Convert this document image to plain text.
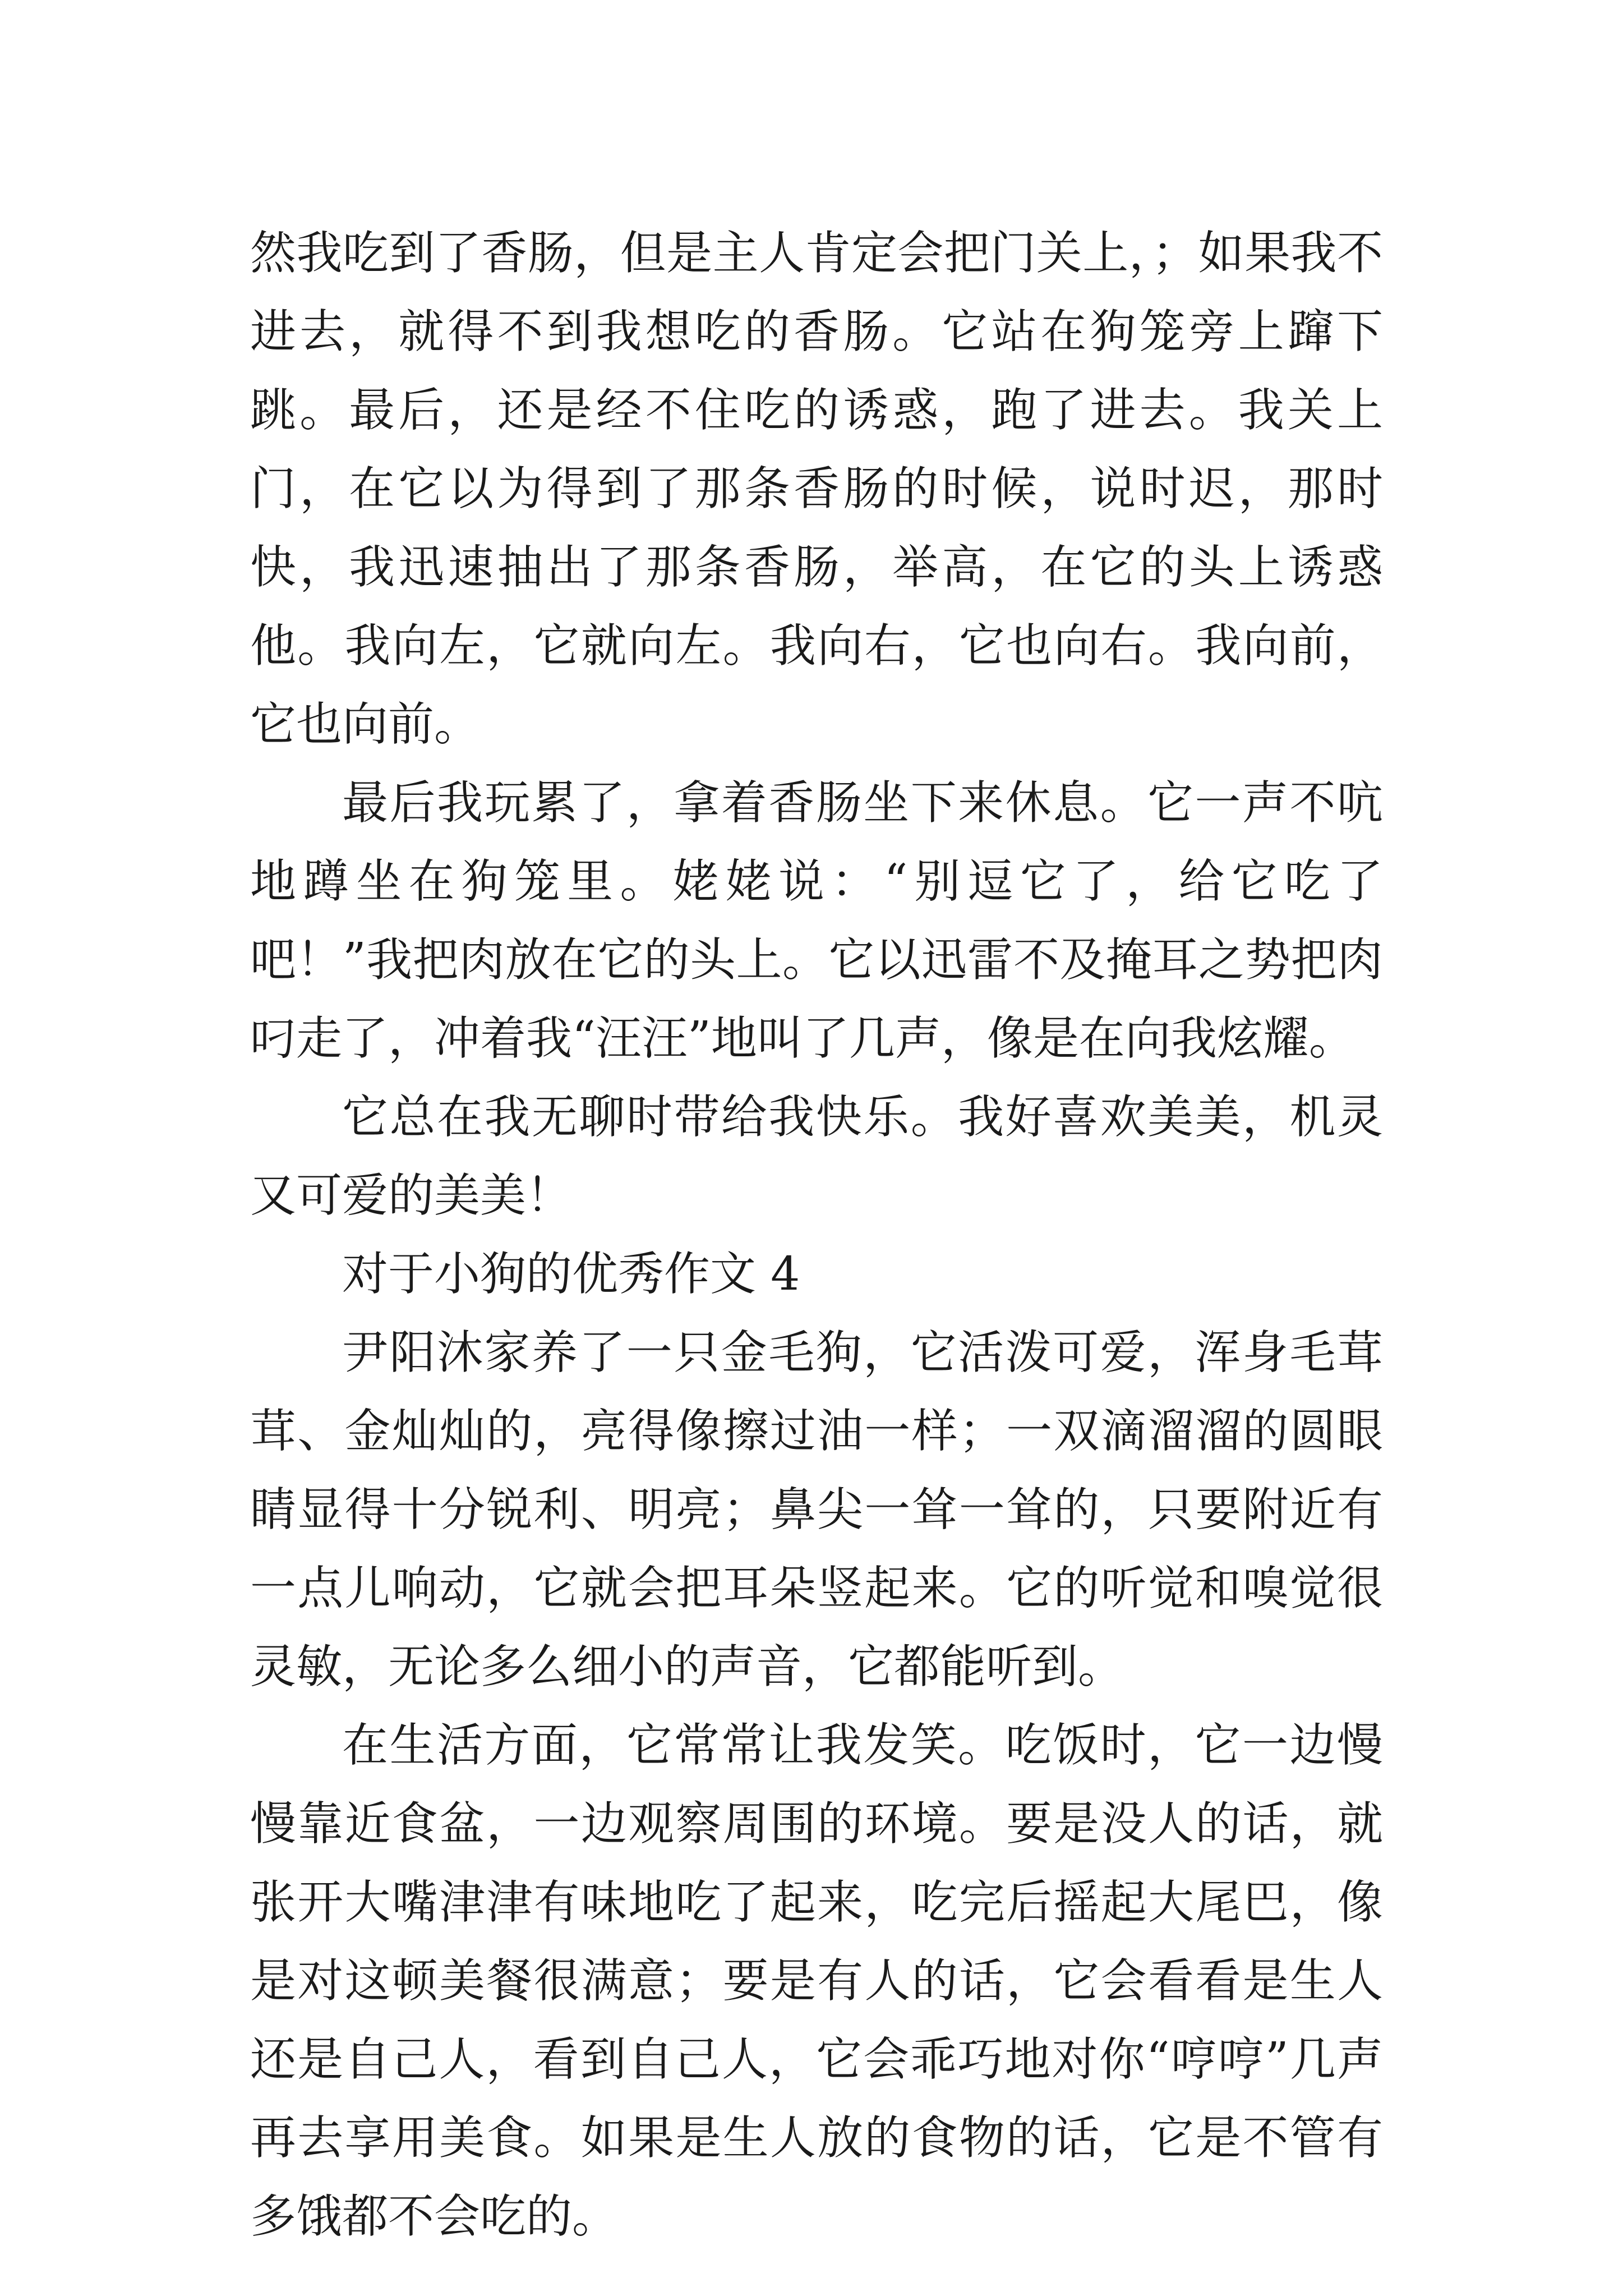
然我吃到了香肠，但是主人肯定会把门关上，；如果我不进去，就得不到我想吃的香肠。它站在狗笼旁上蹿下跳。最后，还是经不住吃的诱惑，跑了进去。我关上门，在它以为得到了那条香肠的时候，说时迟，那时快，我迅速抽出了那条香肠，举高，在它的头上诱惑他。我向左，它就向左。我向右，它也向右。我向前，它也向前。

最后我玩累了，拿着香肠坐下来休息。它一声不吭地蹲坐在狗笼里。姥姥说：“别逗它了，给它吃了吧！”我把肉放在它的头上。它以迅雷不及掩耳之势把肉叼走了，冲着我“汪汪”地叫了几声，像是在向我炫耀。

它总在我无聊时带给我快乐。我好喜欢美美，机灵又可爱的美美！

对于小狗的优秀作文 4

尹阳沐家养了一只金毛狗，它活泼可爱，浑身毛茸茸、金灿灿的，亮得像擦过油一样；一双滴溜溜的圆眼睛显得十分锐利、明亮；鼻尖一耸一耸的，只要附近有一点儿响动，它就会把耳朵竖起来。它的听觉和嗅觉很灵敏，无论多么细小的声音，它都能听到。

在生活方面，它常常让我发笑。吃饭时，它一边慢慢靠近食盆，一边观察周围的环境。要是没人的话，就张开大嘴津津有味地吃了起来，吃完后摇起大尾巴，像是对这顿美餐很满意；要是有人的话，它会看看是生人还是自己人，看到自己人，它会乖巧地对你“哼哼”几声再去享用美食。如果是生人放的食物的话，它是不管有多饿都不会吃的。
